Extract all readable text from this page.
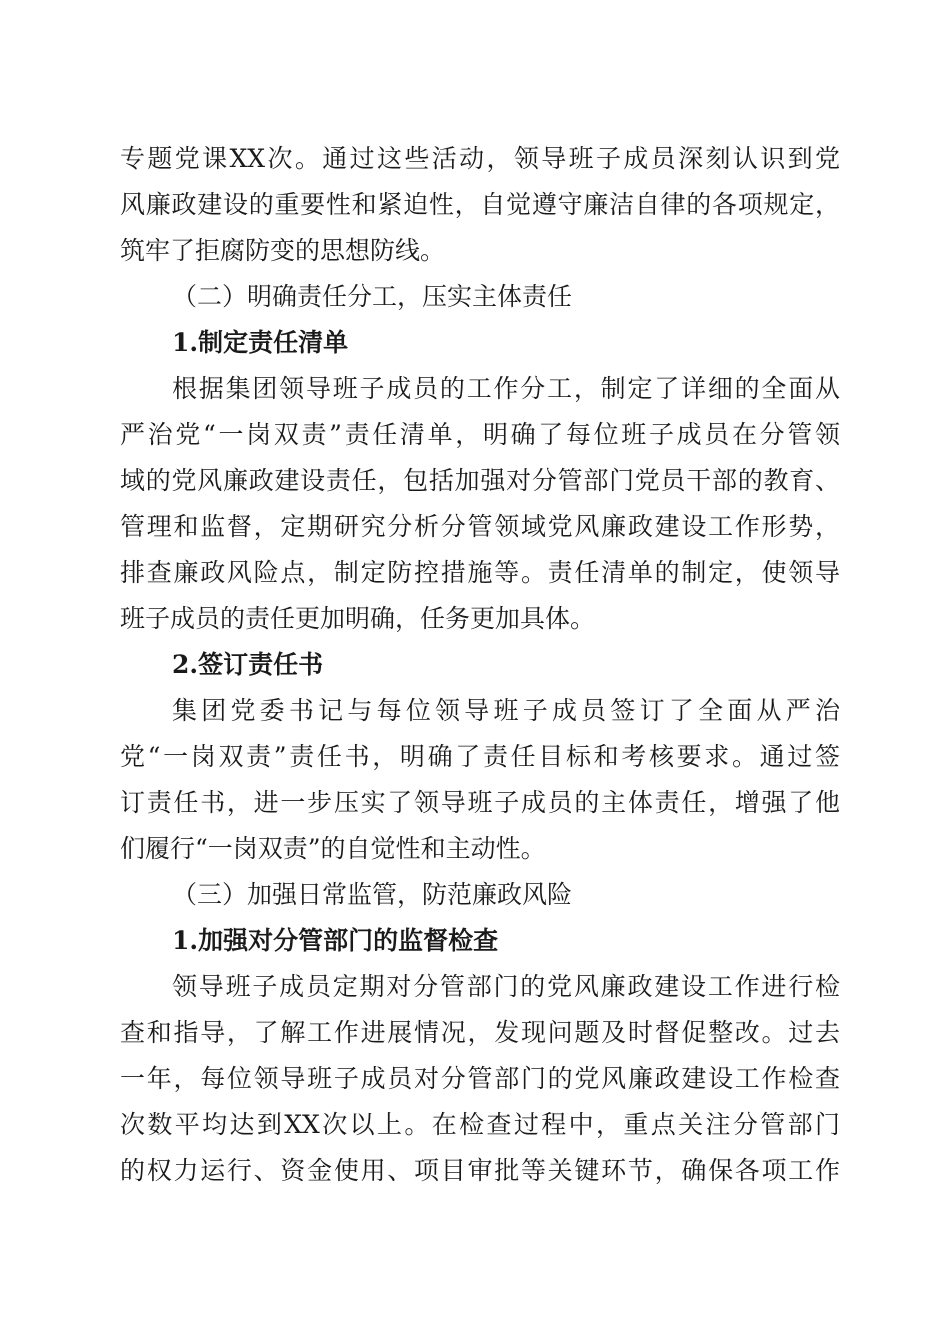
专题党课XX次。通过这些活动，领导班子成员深刻认识到党
风廉政建设的重要性和紧迫性，自觉遵守廉洁自律的各项规定，
筑牢了拒腐防变的思想防线。
（二）明确责任分工，压实主体责任
1.制定责任清单
根据集团领导班子成员的工作分工，制定了详细的全面从
严治党“一岗双责”责任清单，明确了每位班子成员在分管领
域的党风廉政建设责任，包括加强对分管部门党员干部的教育、
管理和监督，定期研究分析分管领域党风廉政建设工作形势，
排查廉政风险点，制定防控措施等。责任清单的制定，使领导
班子成员的责任更加明确，任务更加具体。
2.签订责任书
集团党委书记与每位领导班子成员签订了全面从严治
党“一岗双责”责任书，明确了责任目标和考核要求。通过签
订责任书，进一步压实了领导班子成员的主体责任，增强了他
们履行“一岗双责”的自觉性和主动性。
（三）加强日常监管，防范廉政风险
1.加强对分管部门的监督检查
领导班子成员定期对分管部门的党风廉政建设工作进行检
查和指导，了解工作进展情况，发现问题及时督促整改。过去
一年，每位领导班子成员对分管部门的党风廉政建设工作检查
次数平均达到XX次以上。在检查过程中，重点关注分管部门
的权力运行、资金使用、项目审批等关键环节，确保各项工作
